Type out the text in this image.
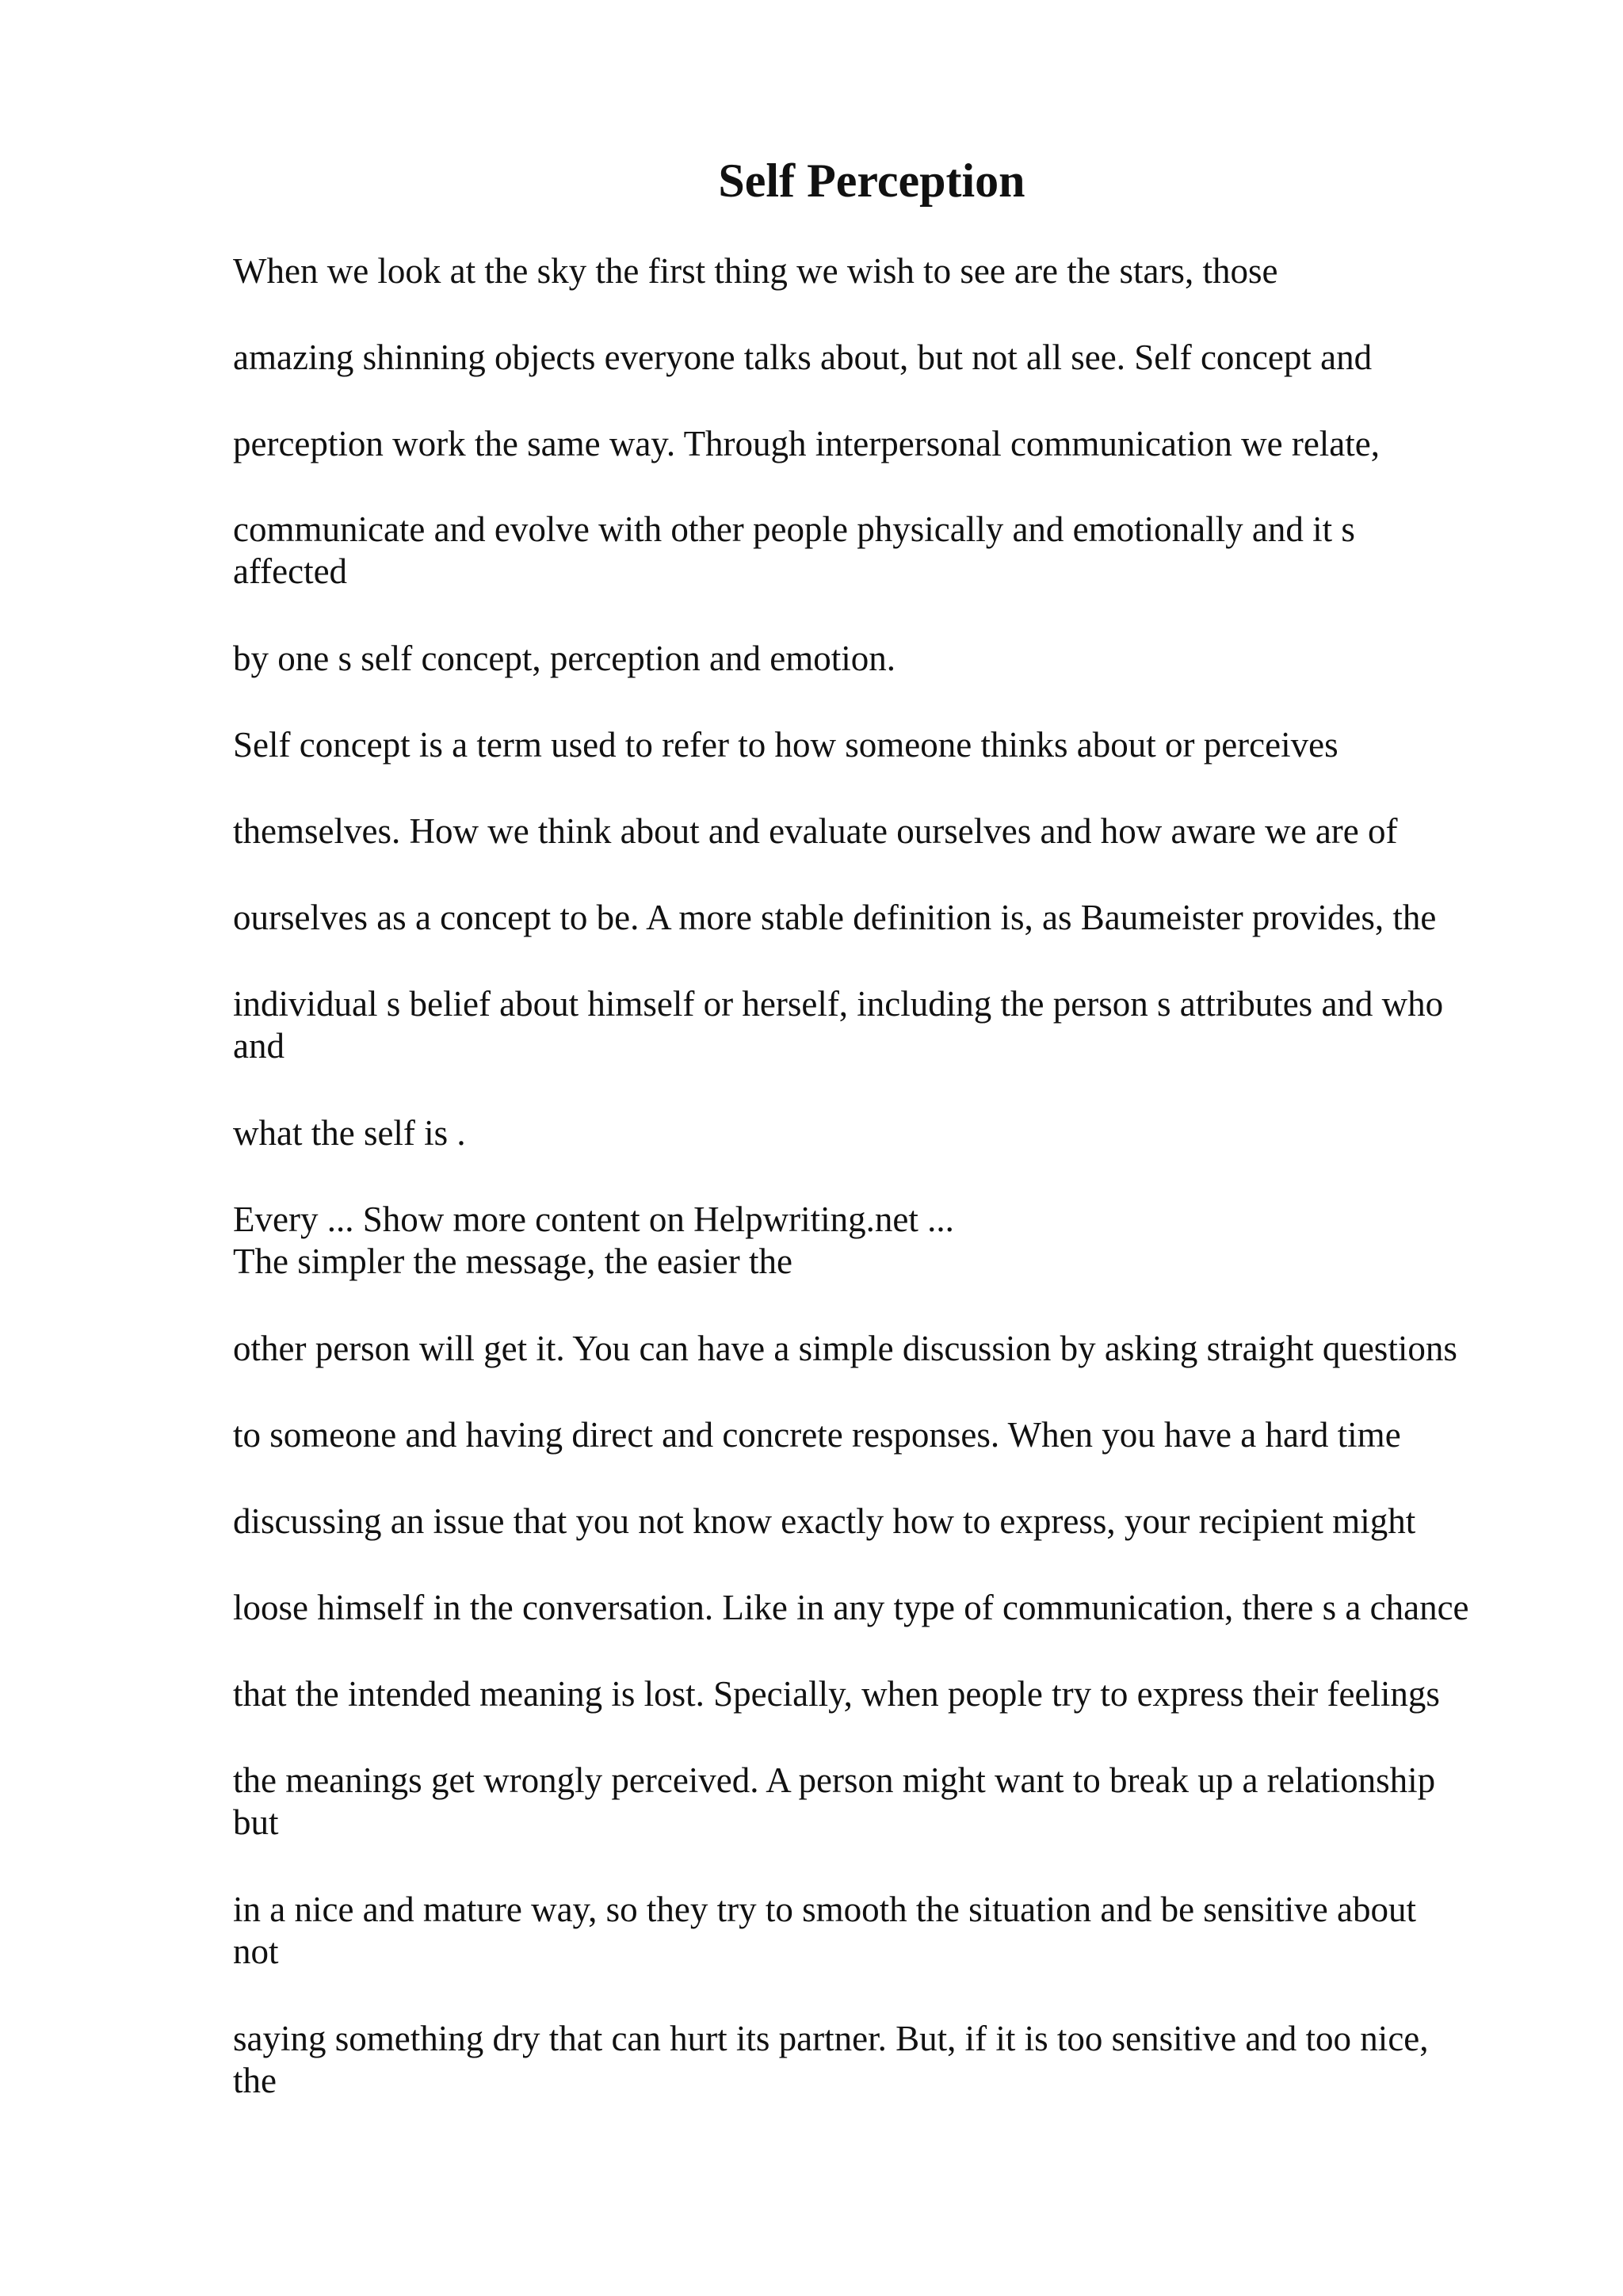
Self Perception

When we look at the sky the first thing we wish to see are the stars, those

amazing shinning objects everyone talks about, but not all see. Self concept and

perception work the same way. Through interpersonal communication we relate,

communicate and evolve with other people physically and emotionally and it s

affected

by one s self concept, perception and emotion.

Self concept is a term used to refer to how someone thinks about or perceives

themselves. How we think about and evaluate ourselves and how aware we are of

ourselves as a concept to be. A more stable definition is, as Baumeister provides, the

individual s belief about himself or herself, including the person s attributes and who

and

what the self is .

Every ... Show more content on Helpwriting.net ...

The simpler the message, the easier the

other person will get it. You can have a simple discussion by asking straight questions

to someone and having direct and concrete responses. When you have a hard time

discussing an issue that you not know exactly how to express, your recipient might

loose himself in the conversation. Like in any type of communication, there s a chance

that the intended meaning is lost. Specially, when people try to express their feelings

the meanings get wrongly perceived. A person might want to break up a relationship

but

in a nice and mature way, so they try to smooth the situation and be sensitive about

not

saying something dry that can hurt its partner. But, if it is too sensitive and too nice,

the
